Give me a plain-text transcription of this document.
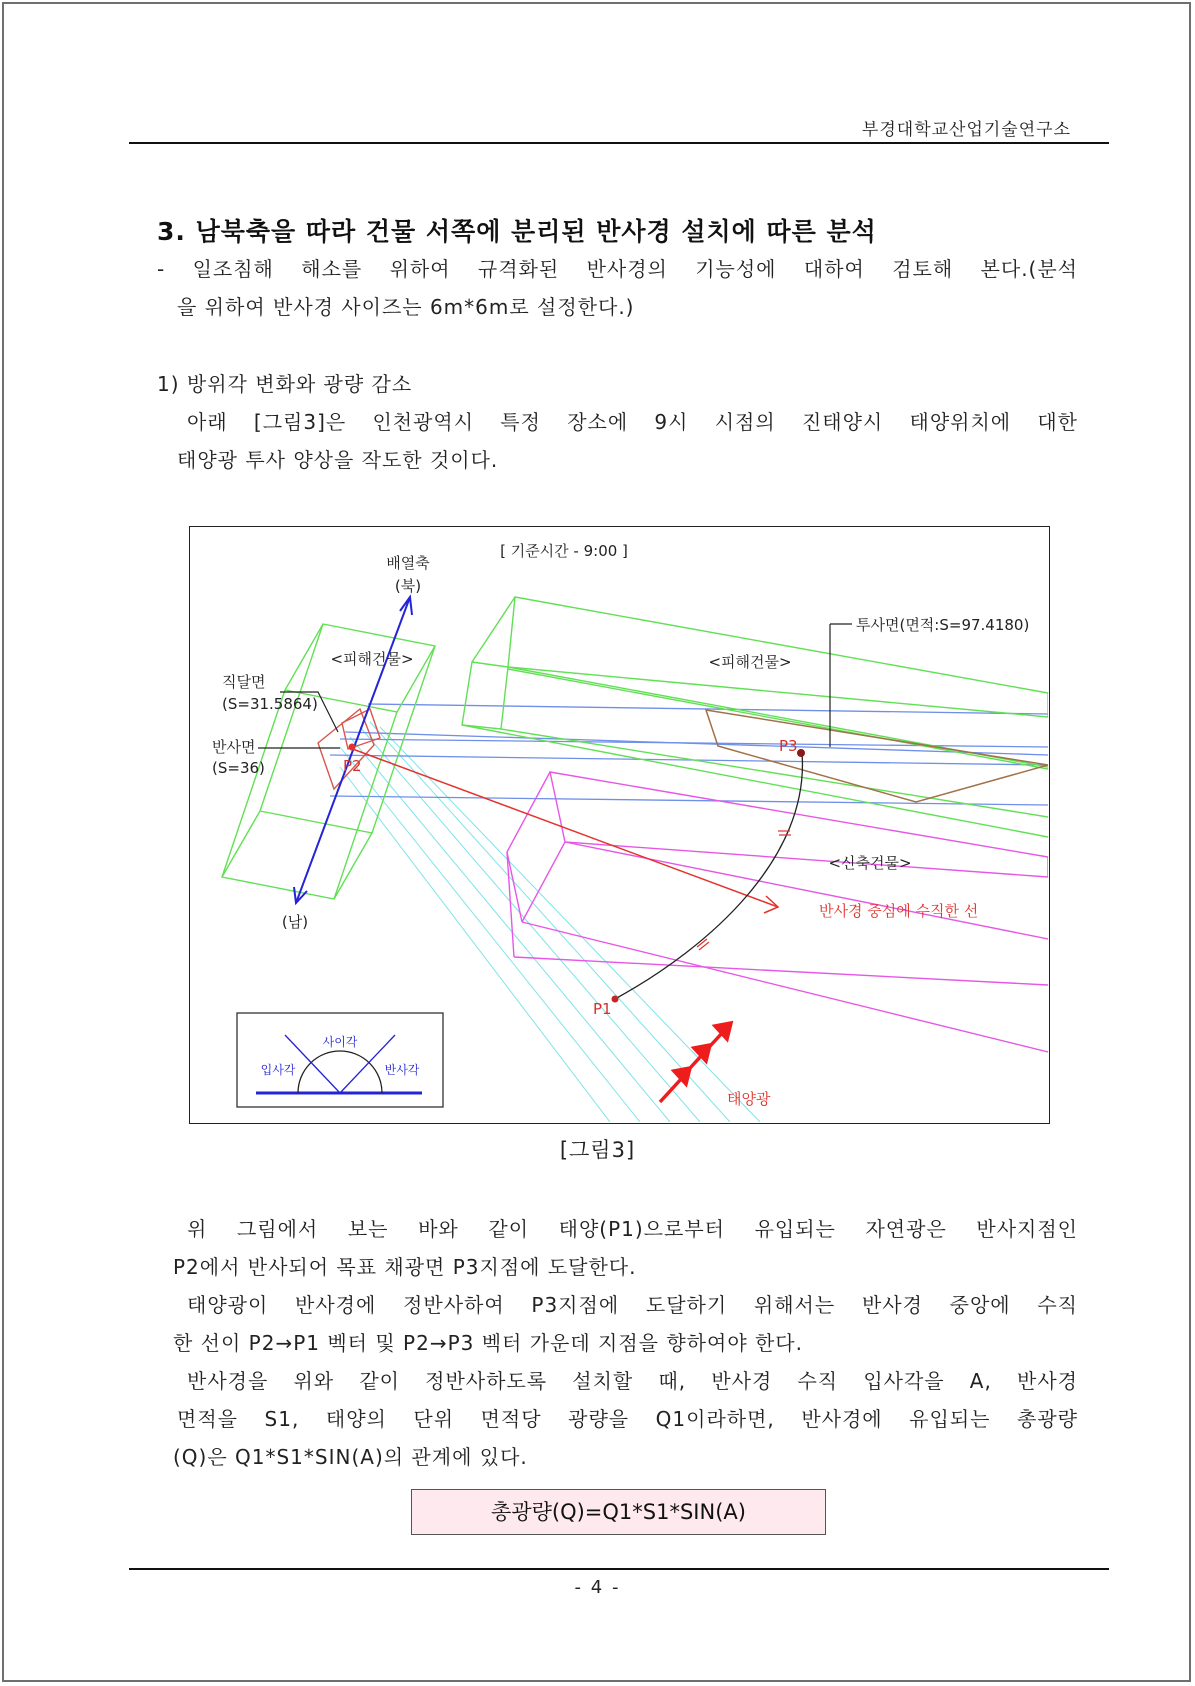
부경대학교산업기술연구소
3. 남북축을 따라 건물 서쪽에 분리된 반사경 설치에 따른 분석
- 일조침해 해소를 위하여 규격화된 반사경의 기능성에 대하여 검토해 본다.(분석
을 위하여 반사경 사이즈는 6m*6m로 설정한다.)
1) 방위각 변화와 광량 감소
아래 [그림3]은 인천광역시 특정 장소에 9시 시점의 진태양시 태양위치에 대한
태양광 투사 양상을 작도한 것이다.
[ 기준시간 - 9:00 ]
배열축
(북)
(남)
<피해건물>	<피해건물>
<신축건물>
직달면
(S=31.5864)
반사면
(S=36)
투사면(면적:S=97.4180)
P2
P3
P1
반사경 중심에 수직한 선
태양광
사이각
입사각	반사각
[그림3]
위 그림에서 보는 바와 같이 태양(P1)으로부터 유입되는 자연광은 반사지점인
P2에서 반사되어 목표 채광면 P3지점에 도달한다.
태양광이 반사경에 정반사하여 P3지점에 도달하기 위해서는 반사경 중앙에 수직
한 선이 P2→P1 벡터 및 P2→P3 벡터 가운데 지점을 향하여야 한다.
반사경을 위와 같이 정반사하도록 설치할 때, 반사경 수직 입사각을 A, 반사경
면적을 S1, 태양의 단위 면적당 광량을 Q1이라하면, 반사경에 유입되는 총광량
(Q)은 Q1*S1*SIN(A)의 관계에 있다.
총광량(Q)=Q1*S1*SIN(A)
- 4 -
